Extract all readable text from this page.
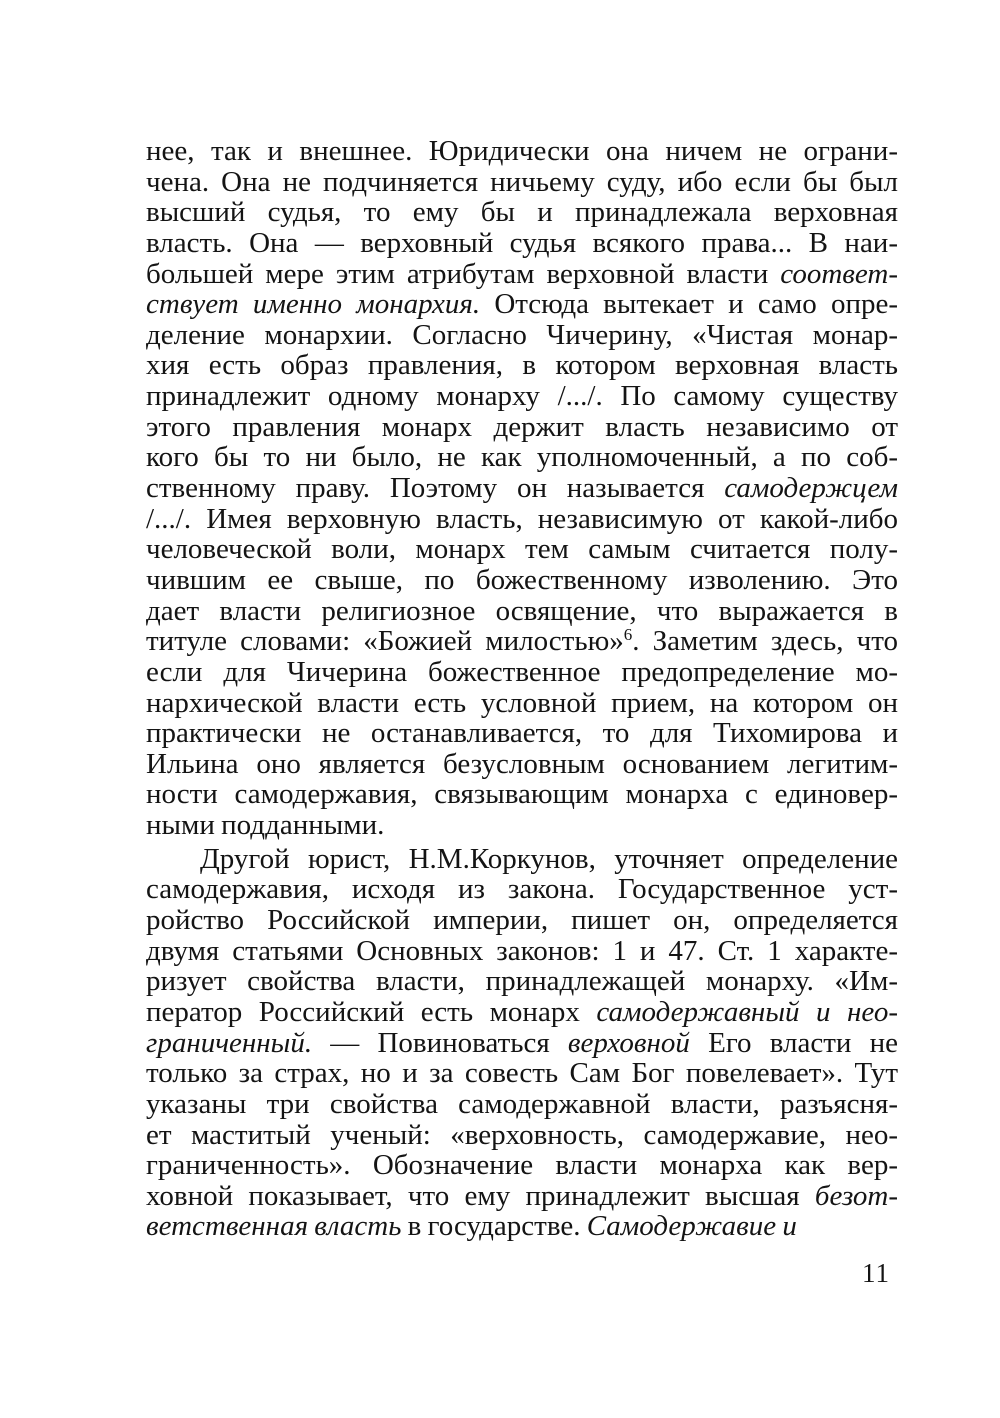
нее, так и внешнее. Юридически она ничем не ограни-
чена. Она не подчиняется ничьему суду, ибо если бы был
высший судья, то ему бы и принадлежала верховная
власть. Она — верховный судья всякого права... В наи-
большей мере этим атрибутам верховной власти соответ-
ствует именно монархия. Отсюда вытекает и само опре-
деление монархии. Согласно Чичерину, «Чистая монар-
хия есть образ правления, в котором верховная власть
принадлежит одному монарху /.../. По самому существу
этого правления монарх держит власть независимо от
кого бы то ни было, не как уполномоченный, а по соб-
ственному праву. Поэтому он называется самодержцем
/.../. Имея верховную власть, независимую от какой-либо
человеческой воли, монарх тем самым считается полу-
чившим ее свыше, по божественному изволению. Это
дает власти религиозное освящение, что выражается в
титуле словами: «Божией милостью»$^6$. Заметим здесь, что
если для Чичерина божественное предопределение мо-
нархической власти есть условной прием, на котором он
практически не останавливается, то для Тихомирова и
Ильина оно является безусловным основанием легитим-
ности самодержавия, связывающим монарха с единовер-
ными подданными.
Другой юрист, Н.М.Коркунов, уточняет определение
самодержавия, исходя из закона. Государственное уст-
ройство Российской империи, пишет он, определяется
двумя статьями Основных законов: 1 и 47. Ст. 1 характе-
ризует свойства власти, принадлежащей монарху. «Им-
ператор Российский есть монарх самодержавный и нео-
граниченный. — Повиноваться верховной Его власти не
только за страх, но и за совесть Сам Бог повелевает». Тут
указаны три свойства самодержавной власти, разъясня-
ет маститый ученый: «верховность, самодержавие, нео-
граниченность». Обозначение власти монарха как вер-
ховной показывает, что ему принадлежит высшая безот-
ветственная власть в государстве. Самодержавие и
11
